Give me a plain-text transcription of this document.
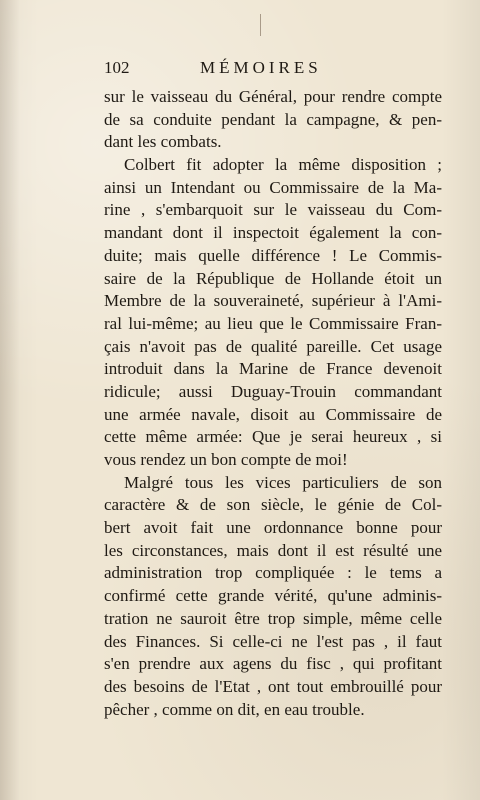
102	MÉMOIRES
sur le vaisseau du Général, pour rendre compte
de sa conduite pendant la campagne, & pen-
dant les combats.
Colbert fit adopter la même disposition ;
ainsi un Intendant ou Commissaire de la Ma-
rine , s'embarquoit sur le vaisseau du Com-
mandant dont il inspectoit également la con-
duite; mais quelle différence ! Le Commis-
saire de la République de Hollande étoit un
Membre de la souveraineté, supérieur à l'Ami-
ral lui-même; au lieu que le Commissaire Fran-
çais n'avoit pas de qualité pareille. Cet usage
introduit dans la Marine de France devenoit
ridicule; aussi Duguay-Trouin commandant
une armée navale, disoit au Commissaire de
cette même armée: Que je serai heureux , si
vous rendez un bon compte de moi!
Malgré tous les vices particuliers de son
caractère & de son siècle, le génie de Col-
bert avoit fait une ordonnance bonne pour
les circonstances, mais dont il est résulté une
administration trop compliquée : le tems a
confirmé cette grande vérité, qu'une adminis-
tration ne sauroit être trop simple, même celle
des Finances. Si celle-ci ne l'est pas , il faut
s'en prendre aux agens du fisc , qui profitant
des besoins de l'Etat , ont tout embrouillé pour
pêcher , comme on dit, en eau trouble.
